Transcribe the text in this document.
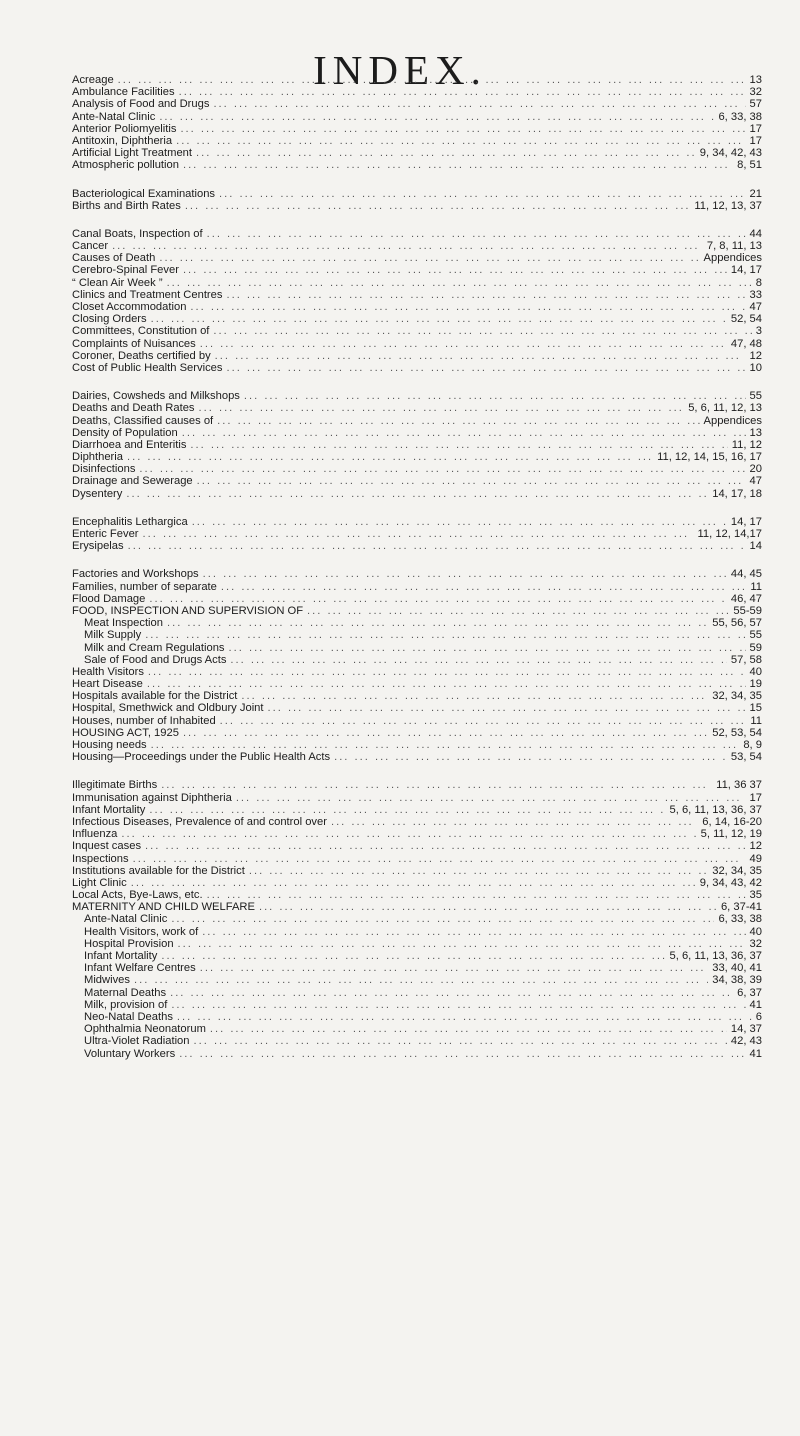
INDEX.
Acreage ... .	13
Ambulance Facilities ... .	32
Analysis of Food and Drugs ... .	57
Ante-Natal Clinic ... .	6, 33, 38
Anterior Poliomyelitis ... .	17
Antitoxin, Diphtheria ... .	17
Artificial Light Treatment ... .	9, 34, 42, 43
Atmospheric pollution ... .	8, 51
Bacteriological Examinations ... .	21
Births and Birth Rates ... .	11, 12, 13, 37
Canal Boats, Inspection of ... .	44
Cancer ... .	7, 8, 11, 13
Causes of Death ... .	Appendices
Cerebro-Spinal Fever ... .	14, 17
“ Clean Air Week ” ... .	8
Clinics and Treatment Centres ... .	33
Closet Accommodation ... .	47
Closing Orders ... .	52, 54
Committees, Constitution of ... .	3
Complaints of Nuisances ... .	47, 48
Coroner, Deaths certified by ... .	12
Cost of Public Health Services ... .	10
Dairies, Cowsheds and Milkshops ... .	55
Deaths and Death Rates ... .	5, 6, 11, 12, 13
Deaths, Classified causes of ... .	Appendices
Density of Population ... .	13
Diarrhoea and Enteritis ... .	11, 12
Diphtheria ... .	11, 12, 14, 15, 16, 17
Disinfections ... .	20
Drainage and Sewerage ... .	47
Dysentery ... .	14, 17, 18
Encephalitis Lethargica ... .	14, 17
Enteric Fever ... .	11, 12, 14,17
Erysipelas ... .	14
Factories and Workshops ... .	44, 45
Families, number of separate ... .	11
Flood Damage ... .	46, 47
FOOD, INSPECTION AND SUPERVISION OF ... .	55-59
Meat Inspection ... .	55, 56, 57
Milk Supply ... .	55
Milk and Cream Regulations ... .	59
Sale of Food and Drugs Acts ... .	57, 58
Health Visitors ... .	40
Heart Disease ... .	19
Hospitals available for the District ... .	32, 34, 35
Hospital, Smethwick and Oldbury Joint ... .	15
Houses, number of Inhabited ... .	11
HOUSING ACT, 1925 ... .	52, 53, 54
Housing needs ... .	8, 9
Housing—Proceedings under the Public Health Acts ... .	53, 54
Illegitimate Births ... .	11, 36 37
Immunisation against Diphtheria ... .	17
Infant Mortality ... .	5, 6, 11, 13, 36, 37
Infectious Diseases, Prevalence of and control over ... .	6, 14, 16-20
Influenza ... .	5, 11, 12, 19
Inquest cases ... .	12
Inspections ... .	49
Institutions available for the District ... .	32, 34, 35
Light Clinic ... .	9, 34, 43, 42
Local Acts, Bye-Laws, etc. ... .	35
MATERNITY AND CHILD WELFARE ... .	6, 37-41
Ante-Natal Clinic ... .	6, 33, 38
Health Visitors, work of ... .	40
Hospital Provision ... .	32
Infant Mortality ... .	5, 6, 11, 13, 36, 37
Infant Welfare Centres ... .	33, 40, 41
Midwives ... .	34, 38, 39
Maternal Deaths ... .	6, 37
Milk, provision of ... .	41
Neo-Natal Deaths ... .	6
Ophthalmia Neonatorum ... .	14, 37
Ultra-Violet Radiation ... .	42, 43
Voluntary Workers ... .	41
